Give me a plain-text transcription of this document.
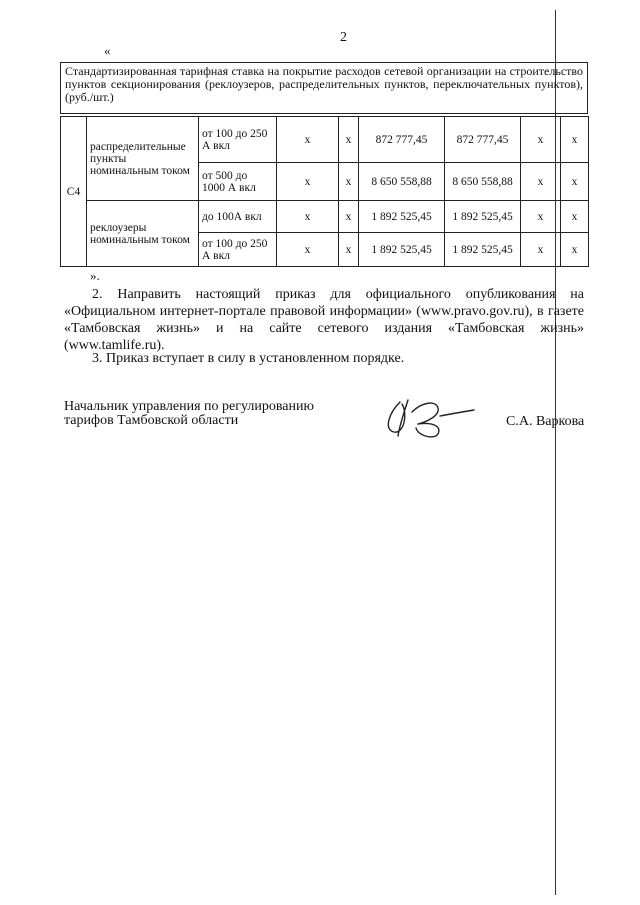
2
«
Стандартизированная тарифная ставка на покрытие расходов сетевой организации на строительство пунктов секционирования (реклоузеров, распределительных пунктов, переключательных пунктов), (руб./шт.)
С4	распределительные пункты номинальным током	от 100 до 250 А вкл	х	х	872 777,45	872 777,45	х	х
		от 500 до 1000 А вкл	х	х	8 650 558,88	8 650 558,88	х	х
	реклоузеры номинальным током	до 100А вкл	х	х	1 892 525,45	1 892 525,45	х	х
		от 100 до 250 А вкл	х	х	1 892 525,45	1 892 525,45	х	х
».
2. Направить настоящий приказ для официального опубликования на «Официальном интернет-портале правовой информации» (www.pravo.gov.ru), в газете «Тамбовская жизнь» и на сайте сетевого издания «Тамбовская жизнь» (www.tamlife.ru).
3. Приказ вступает в силу в установленном порядке.
Начальник управления по регулированию
тарифов Тамбовской области	С.А. Варкова
